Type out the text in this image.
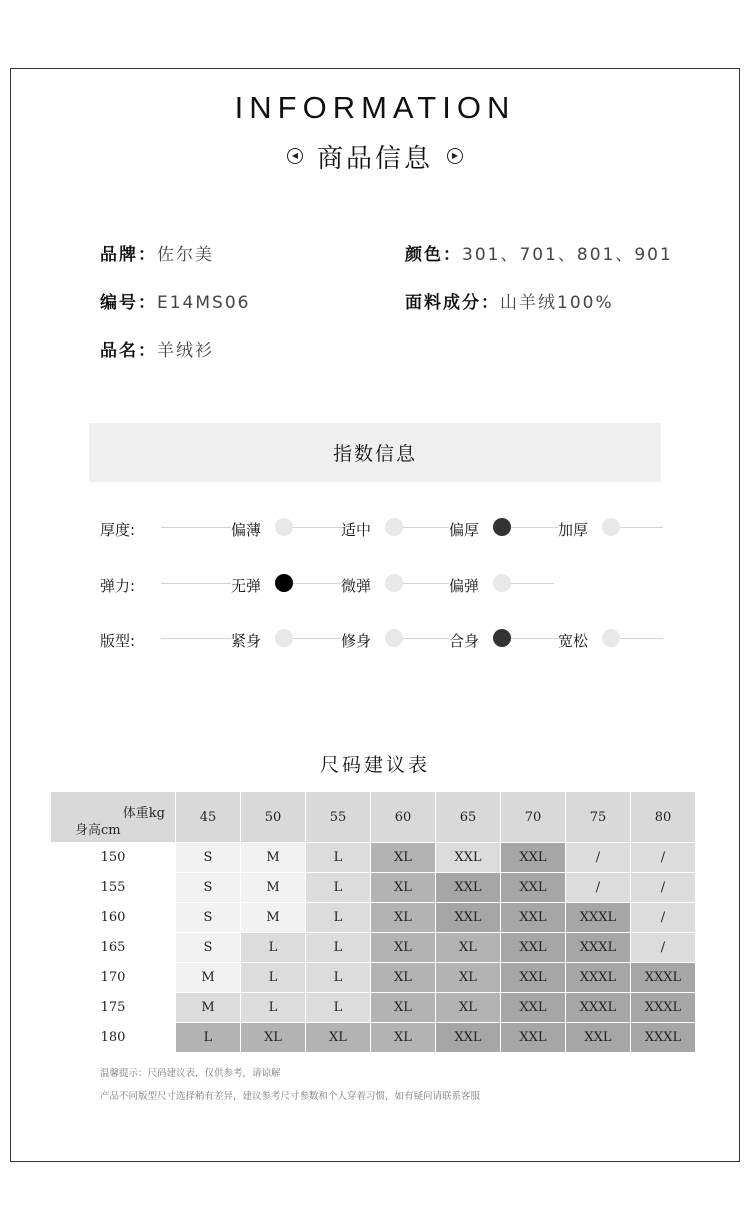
INFORMATION
◀ 商品信息 ▶
品牌：佐尔美	颜色：301、701、801、901
编号：E14MS06	面料成分：山羊绒100%
品名：羊绒衫
指数信息
厚度:	偏薄	适中	偏厚	加厚
弹力:	无弹	微弹	偏弹
版型:	紧身	修身	合身	宽松
尺码建议表
体重kg
身高cm	45	50	55	60	65	70	75	80
150	S	M	L	XL	XXL	XXL	/	/
155	S	M	L	XL	XXL	XXL	/	/
160	S	M	L	XL	XXL	XXL	XXXL	/
165	S	L	L	XL	XL	XXL	XXXL	/
170	M	L	L	XL	XL	XXL	XXXL	XXXL
175	M	L	L	XL	XL	XXL	XXXL	XXXL
180	L	XL	XL	XL	XXL	XXL	XXL	XXXL
温馨提示：尺码建议表，仅供参考，请谅解
产品不同版型尺寸选择稍有差异，建议参考尺寸参数和个人穿着习惯，如有疑问请联系客服
